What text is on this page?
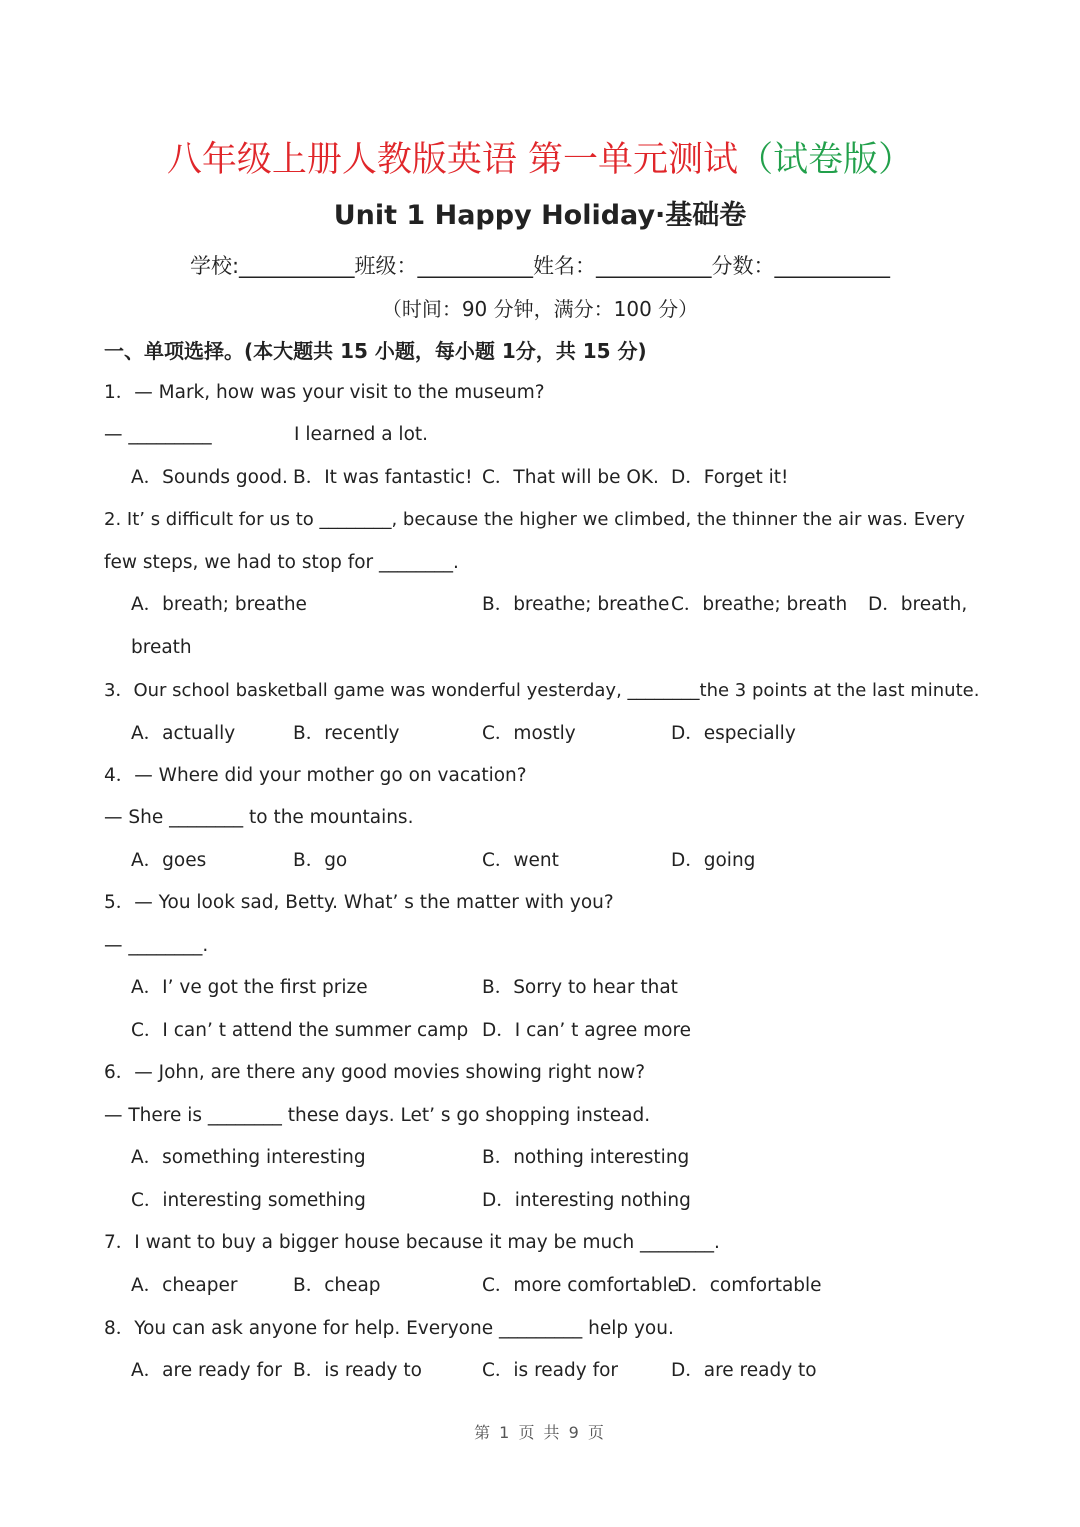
八年级上册人教版英语 第一单元测试（试卷版）
Unit 1 Happy Holiday·基础卷
学校:___________班级：___________姓名：___________分数：___________
（时间：90 分钟，满分：100 分）
一、单项选择。(本大题共 15 小题，每小题 1分，共 15 分)
1．— Mark, how was your visit to the museum?
— _________	I learned a lot.
A．Sounds good. B．It was fantastic! C．That will be OK. D．Forget it!
2. It’ s difficult for us to ________, because the higher we climbed, the thinner the air was. Every
few steps, we had to stop for ________.
A．breath; breathe	B．breathe; breathe C．breathe; breath D．breath,
breath
3．Our school basketball game was wonderful yesterday, ________the 3 points at the last minute.
A．actually	B．recently	C．mostly	D．especially
4．— Where did your mother go on vacation?
— She ________ to the mountains.
A．goes	B．go	C．went	D．going
5．— You look sad, Betty. What’ s the matter with you?
— ________.
A．I’ ve got the first prize	B．Sorry to hear that
C．I can’ t attend the summer camp D．I can’ t agree more
6．— John, are there any good movies showing right now?
— There is ________ these days. Let’ s go shopping instead.
A．something interesting	B．nothing interesting
C．interesting something	D．interesting nothing
7．I want to buy a bigger house because it may be much ________.
A．cheaper	B．cheap	C．more comfortable
D．comfortable
8．You can ask anyone for help. Everyone _________ help you.
A．are ready for B．is ready to	C．is ready for	D．are ready to
第 1 页 共 9 页
